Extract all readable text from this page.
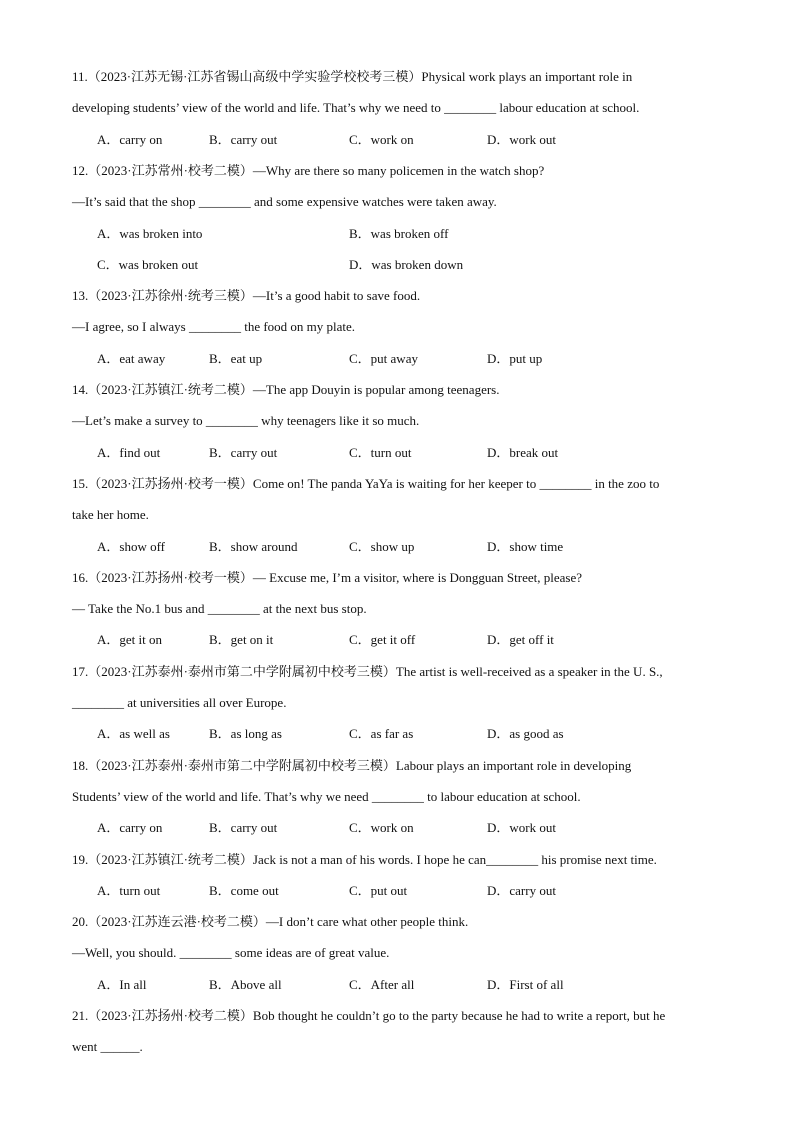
11.（2023·江苏无锡·江苏省锡山高级中学实验学校校考三模）Physical work plays an important role in
developing students’ view of the world and life. That’s why we need to ________ labour education at school.
A．carry on	B．carry out	C．work on	D．work out
12.（2023·江苏常州·校考二模）—Why are there so many policemen in the watch shop?
—It’s said that the shop ________ and some expensive watches were taken away.
A．was broken into	B．was broken off
C．was broken out	D．was broken down
13.（2023·江苏徐州·统考三模）—It’s a good habit to save food.
—I agree, so I always ________ the food on my plate.
A．eat away	B．eat up	C．put away	D．put up
14.（2023·江苏镇江·统考二模）—The app Douyin is popular among teenagers.
—Let’s make a survey to ________ why teenagers like it so much.
A．find out	B．carry out	C．turn out	D．break out
15.（2023·江苏扬州·校考一模）Come on! The panda YaYa is waiting for her keeper to ________ in the zoo to
take her home.
A．show off	B．show around	C．show up	D．show time
16.（2023·江苏扬州·校考一模）— Excuse me, I’m a visitor, where is Dongguan Street, please?
— Take the No.1 bus and ________ at the next bus stop.
A．get it on	B．get on it	C．get it off	D．get off it
17.（2023·江苏泰州·泰州市第二中学附属初中校考三模）The artist is well-received as a speaker in the U. S.,
________ at universities all over Europe.
A．as well as	B．as long as	C．as far as	D．as good as
18.（2023·江苏泰州·泰州市第二中学附属初中校考三模）Labour plays an important role in developing
Students’ view of the world and life. That’s why we need ________ to labour education at school.
A．carry on	B．carry out	C．work on	D．work out
19.（2023·江苏镇江·统考二模）Jack is not a man of his words. I hope he can________ his promise next time.
A．turn out	B．come out	C．put out	D．carry out
20.（2023·江苏连云港·校考二模）—I don’t care what other people think.
—Well, you should. ________ some ideas are of great value.
A．In all	B．Above all	C．After all	D．First of all
21.（2023·江苏扬州·校考二模）Bob thought he couldn’t go to the party because he had to write a report, but he
went ______.
